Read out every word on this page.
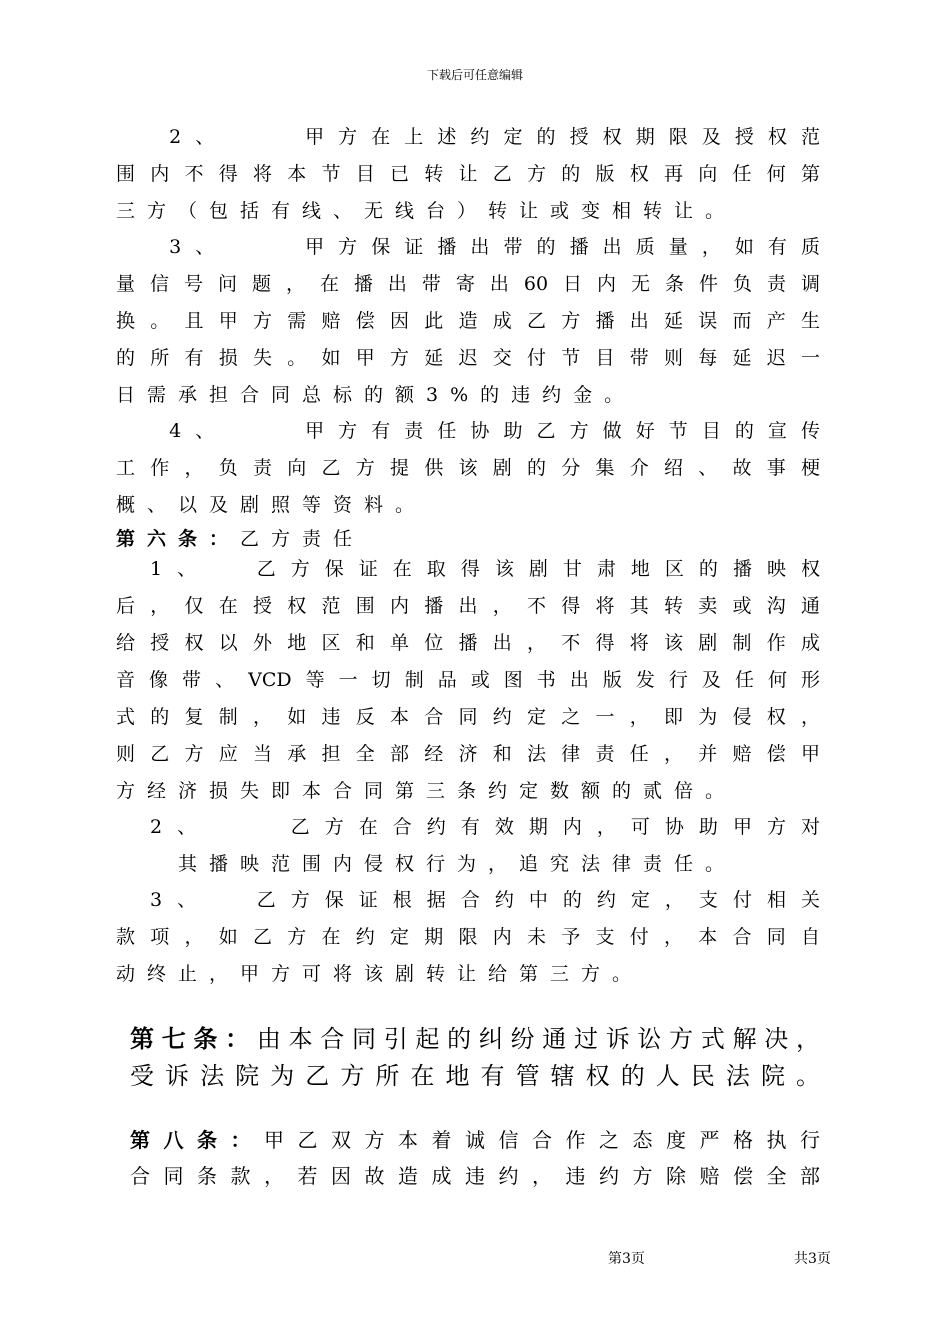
下载后可任意编辑
　 2、　　 甲方在上述约定的授权期限及授权范
围内不得将本节目已转让乙方的版权再向任何第
三方（包括有线、无线台）转让或变相转让。
　 3、　　 甲方保证播出带的播出质量，如有质
量信号问题，在播出带寄出60日内无条件负责调
换。且甲方需赔偿因此造成乙方播出延误而产生
的所有损失。如甲方延迟交付节目带则每延迟一
日需承担合同总标的额3%的违约金。
　 4、　　 甲方有责任协助乙方做好节目的宣传
工作，负责向乙方提供该剧的分集介绍、故事梗
概、以及剧照等资料。
第六条：乙方责任
　1、　 乙方保证在取得该剧甘肃地区的播映权
后，仅在授权范围内播出，不得将其转卖或沟通
给授权以外地区和单位播出，不得将该剧制作成
音像带、VCD等一切制品或图书出版发行及任何形
式的复制，如违反本合同约定之一，即为侵权，
则乙方应当承担全部经济和法律责任，并赔偿甲
方经济损失即本合同第三条约定数额的贰倍。
　2、　　 乙方在合约有效期内，可协助甲方对
　　其播映范围内侵权行为，追究法律责任。
　3、　 乙方保证根据合约中的约定，支付相关
款项，如乙方在约定期限内未予支付，本合同自
动终止，甲方可将该剧转让给第三方。
第七条：由本合同引起的纠纷通过诉讼方式解决，
受诉法院为乙方所在地有管辖权的人民法院。
第八条：甲乙双方本着诚信合作之态度严格执行
合同条款，若因故造成违约，违约方除赔偿全部
第3页	共3页
